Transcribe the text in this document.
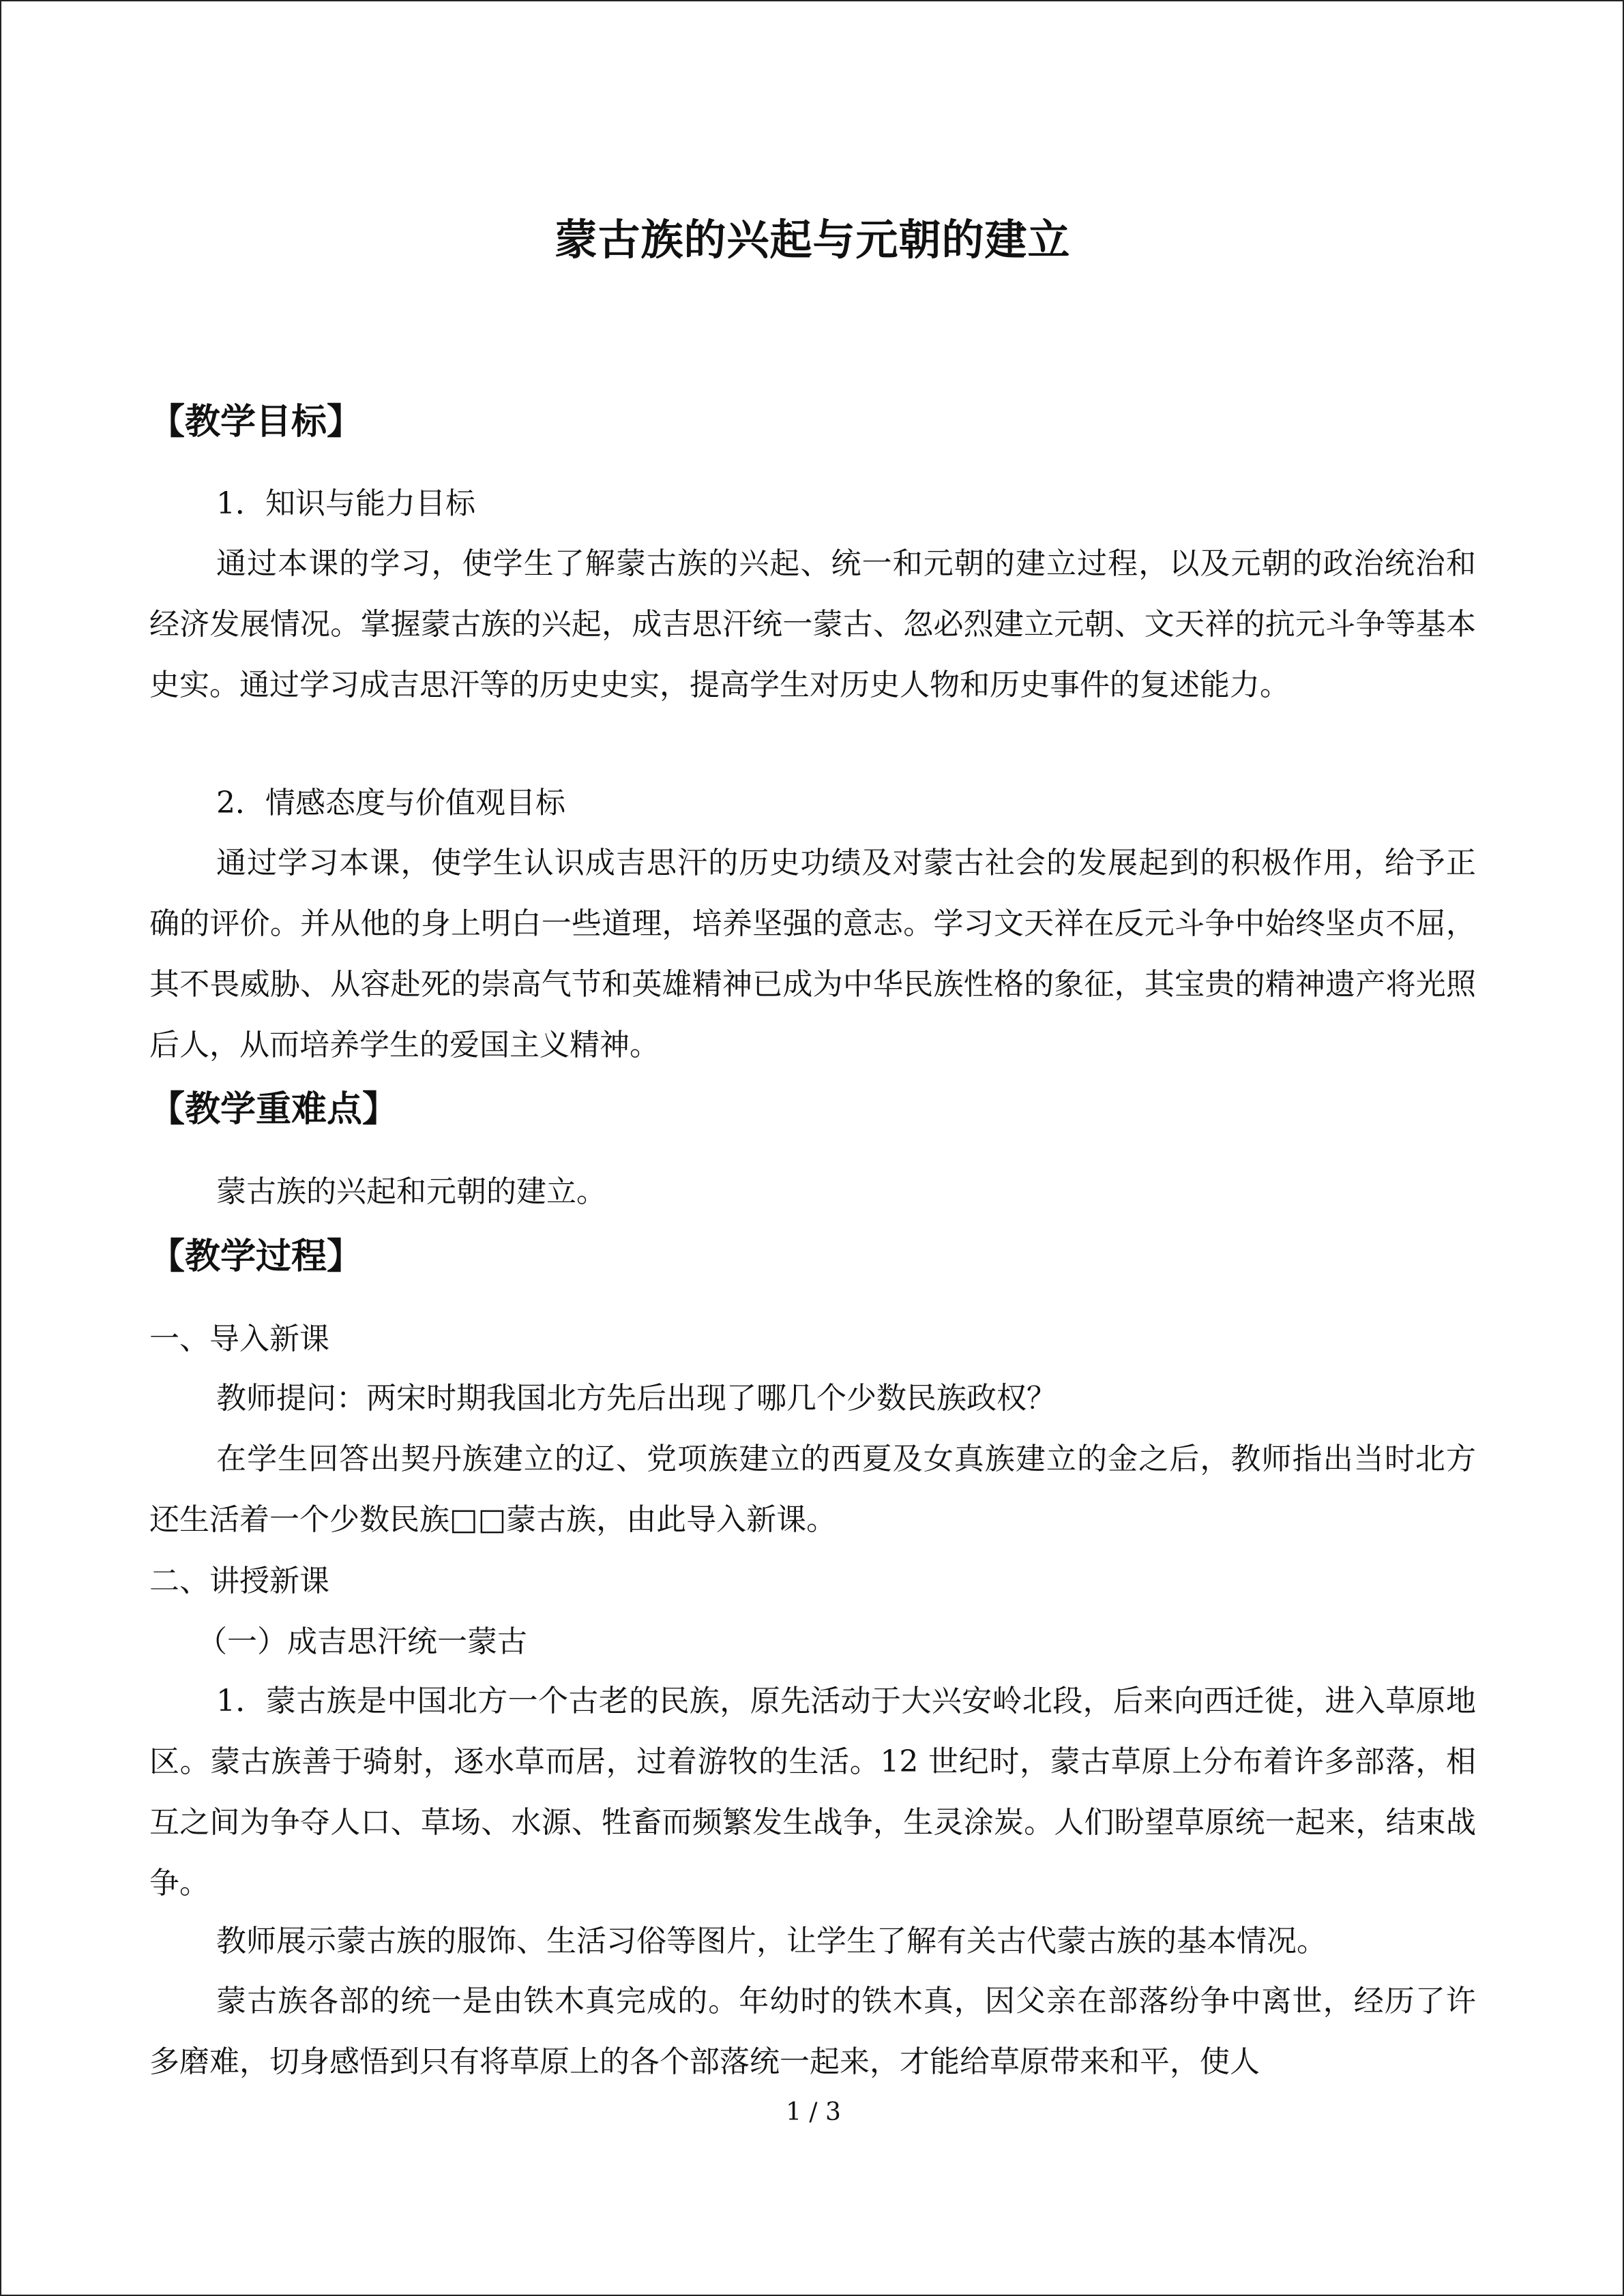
蒙古族的兴起与元朝的建立
【教学目标】
1．知识与能力目标
通过本课的学习，使学生了解蒙古族的兴起、统一和元朝的建立过程，以及元朝的政治统治和经济发展情况。掌握蒙古族的兴起，成吉思汗统一蒙古、忽必烈建立元朝、文天祥的抗元斗争等基本史实。通过学习成吉思汗等的历史史实，提高学生对历史人物和历史事件的复述能力。
2．情感态度与价值观目标
通过学习本课，使学生认识成吉思汗的历史功绩及对蒙古社会的发展起到的积极作用，给予正确的评价。并从他的身上明白一些道理，培养坚强的意志。学习文天祥在反元斗争中始终坚贞不屈，其不畏威胁、从容赴死的崇高气节和英雄精神已成为中华民族性格的象征，其宝贵的精神遗产将光照后人，从而培养学生的爱国主义精神。
【教学重难点】
蒙古族的兴起和元朝的建立。
【教学过程】
一、导入新课
教师提问：两宋时期我国北方先后出现了哪几个少数民族政权？
在学生回答出契丹族建立的辽、党项族建立的西夏及女真族建立的金之后，教师指出当时北方还生活着一个少数民族□□蒙古族，由此导入新课。
二、讲授新课
（一）成吉思汗统一蒙古
1．蒙古族是中国北方一个古老的民族，原先活动于大兴安岭北段，后来向西迁徙，进入草原地区。蒙古族善于骑射，逐水草而居，过着游牧的生活。12 世纪时，蒙古草原上分布着许多部落，相互之间为争夺人口、草场、水源、牲畜而频繁发生战争，生灵涂炭。人们盼望草原统一起来，结束战争。
教师展示蒙古族的服饰、生活习俗等图片，让学生了解有关古代蒙古族的基本情况。
蒙古族各部的统一是由铁木真完成的。年幼时的铁木真，因父亲在部落纷争中离世，经历了许多磨难，切身感悟到只有将草原上的各个部落统一起来，才能给草原带来和平，使人
1 / 3
